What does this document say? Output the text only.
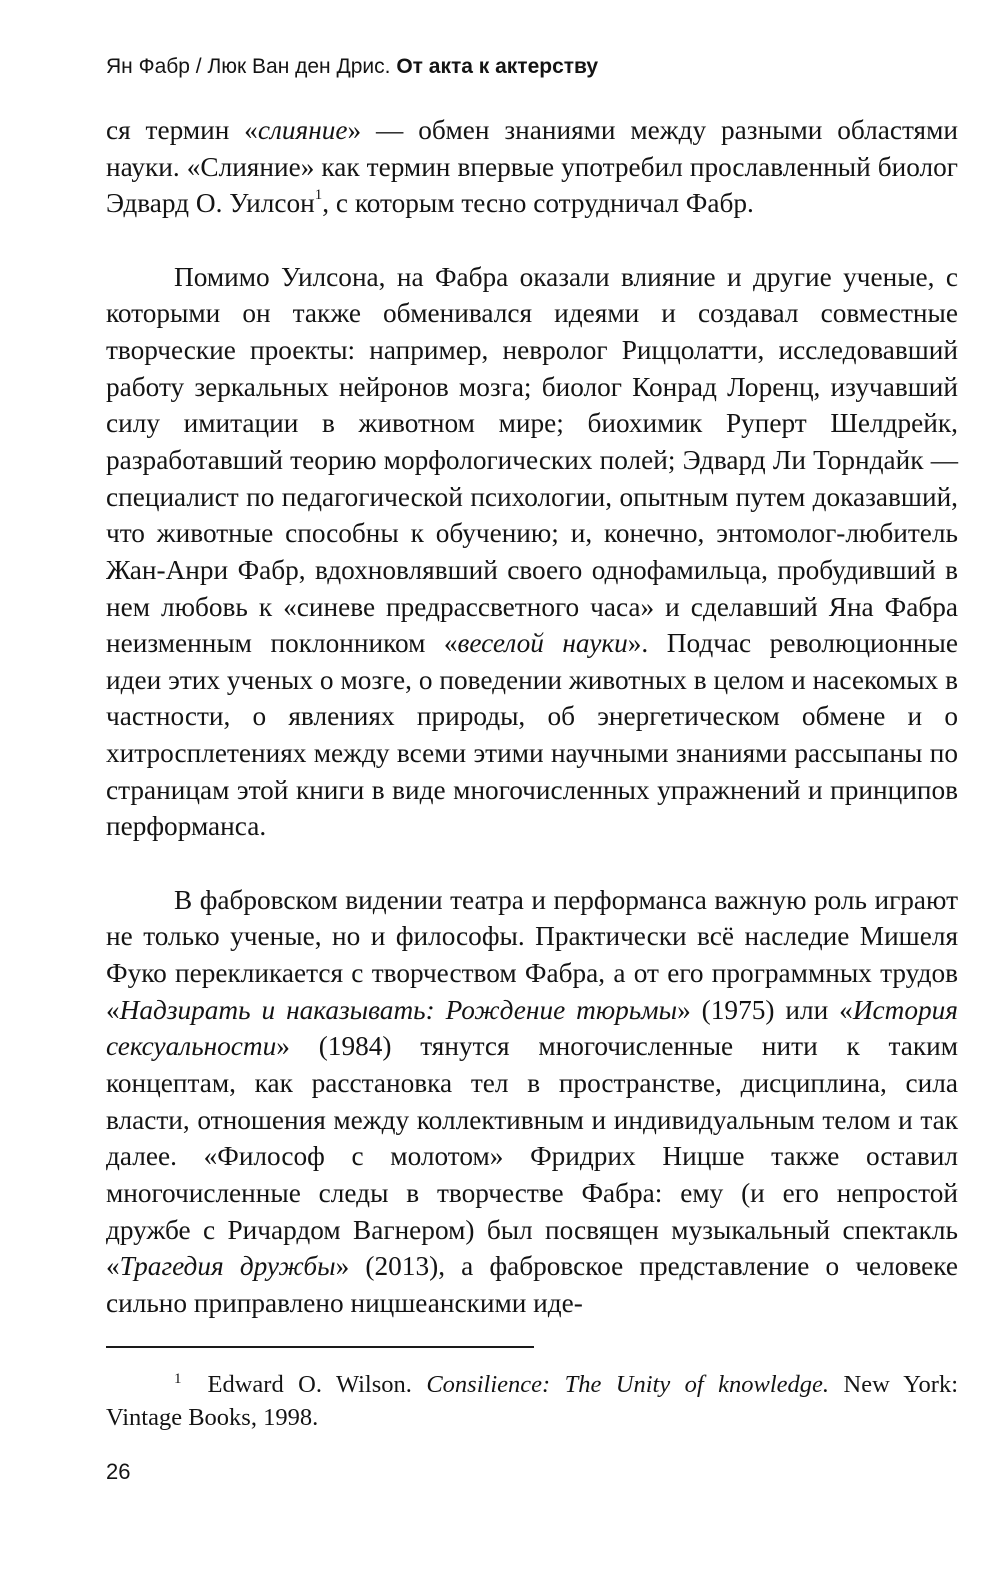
Ян Фабр / Люк Ван ден Дрис. От акта к актерству

ся термин «слияние» — обмен знаниями между разными областями науки. «Слияние» как термин впервые употребил прославленный биолог Эдвард О. Уилсон$^1$, с которым тесно сотрудничал Фабр.

Помимо Уилсона, на Фабра оказали влияние и другие ученые, с которыми он также обменивался идеями и создавал совместные творческие проекты: например, невролог Риццолатти, исследовавший работу зеркальных нейронов мозга; биолог Конрад Лоренц, изучавший силу имитации в животном мире; биохимик Руперт Шелдрейк, разработавший теорию морфологических полей; Эдвард Ли Торндайк — специалист по педагогической психологии, опытным путем доказавший, что животные способны к обучению; и, конечно, энтомолог-любитель Жан-Анри Фабр, вдохновлявший своего однофамильца, пробудивший в нем любовь к «синеве предрассветного часа» и сделавший Яна Фабра неизменным поклонником «веселой науки». Подчас революционные идеи этих ученых о мозге, о поведении животных в целом и насекомых в частности, о явлениях природы, об энергетическом обмене и о хитросплетениях между всеми этими научными знаниями рассыпаны по страницам этой книги в виде многочисленных упражнений и принципов перформанса.

В фабровском видении театра и перформанса важную роль играют не только ученые, но и философы. Практически всё наследие Мишеля Фуко перекликается с творчеством Фабра, а от его программных трудов «Надзирать и наказывать: Рождение тюрьмы» (1975) или «История сексуальности» (1984) тянутся многочисленные нити к таким концептам, как расстановка тел в пространстве, дисциплина, сила власти, отношения между коллективным и индивидуальным телом и так далее. «Философ с молотом» Фридрих Ницше также оставил многочисленные следы в творчестве Фабра: ему (и его непростой дружбе с Ричардом Вагнером) был посвящен музыкальный спектакль «Трагедия дружбы» (2013), а фабровское представление о человеке сильно приправлено ницшеанскими иде-

1 Edward O. Wilson. Consilience: The Unity of knowledge. New York: Vintage Books, 1998.
26
